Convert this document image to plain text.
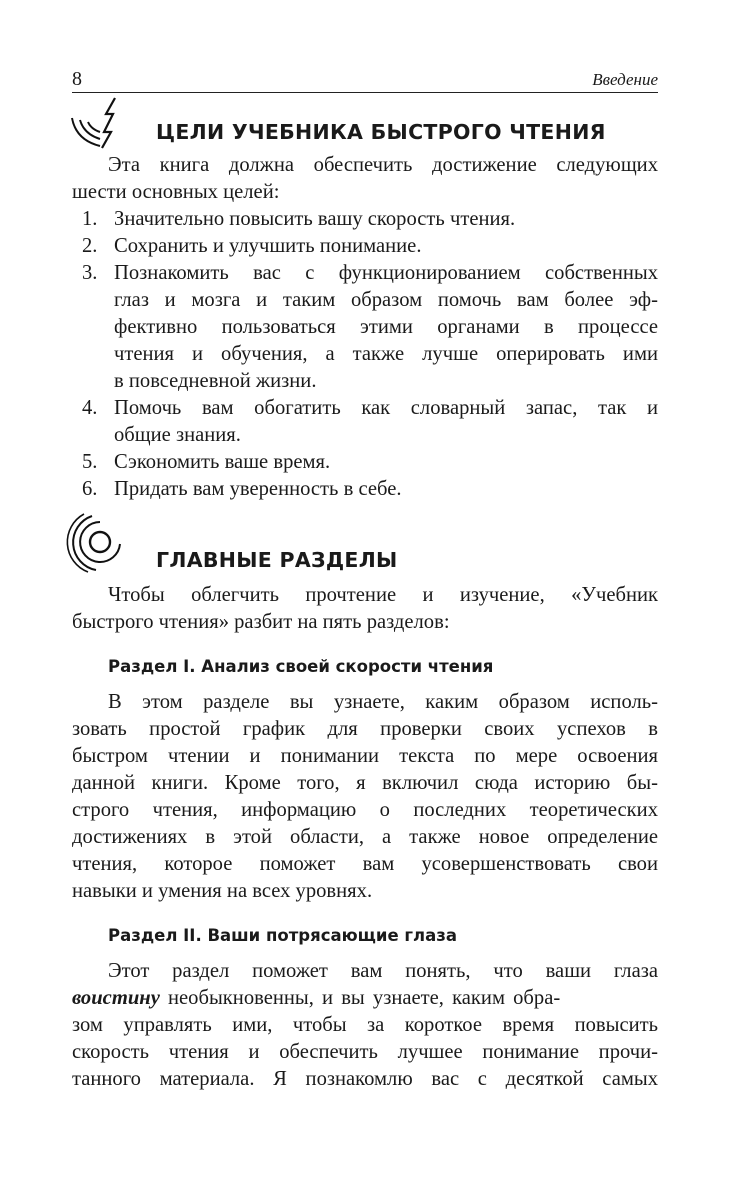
8	Введение
ЦЕЛИ УЧЕБНИКА БЫСТРОГО ЧТЕНИЯ
Эта книга должна обеспечить достижение следующих
шести основных целей:
1. Значительно повысить вашу скорость чтения.
2. Сохранить и улучшить понимание.
3. Познакомить вас с функционированием собственных
глаз и мозга и таким образом помочь вам более эф-
фективно пользоваться этими органами в процессе
чтения и обучения, а также лучше оперировать ими
в повседневной жизни.
4. Помочь вам обогатить как словарный запас, так и
общие знания.
5. Сэкономить ваше время.
6. Придать вам уверенность в себе.
ГЛАВНЫЕ РАЗДЕЛЫ
Чтобы облегчить прочтение и изучение, «Учебник
быстрого чтения» разбит на пять разделов:
Раздел I. Анализ своей скорости чтения
В этом разделе вы узнаете, каким образом исполь-
зовать простой график для проверки своих успехов в
быстром чтении и понимании текста по мере освоения
данной книги. Кроме того, я включил сюда историю бы-
строго чтения, информацию о последних теоретических
достижениях в этой области, а также новое определение
чтения, которое поможет вам усовершенствовать свои
навыки и умения на всех уровнях.
Раздел II. Ваши потрясающие глаза
Этот раздел поможет вам понять, что ваши глаза
воистину необыкновенны, и вы узнаете, каким обра-
зом управлять ими, чтобы за короткое время повысить
скорость чтения и обеспечить лучшее понимание прочи-
танного материала. Я познакомлю вас с десяткой самых
